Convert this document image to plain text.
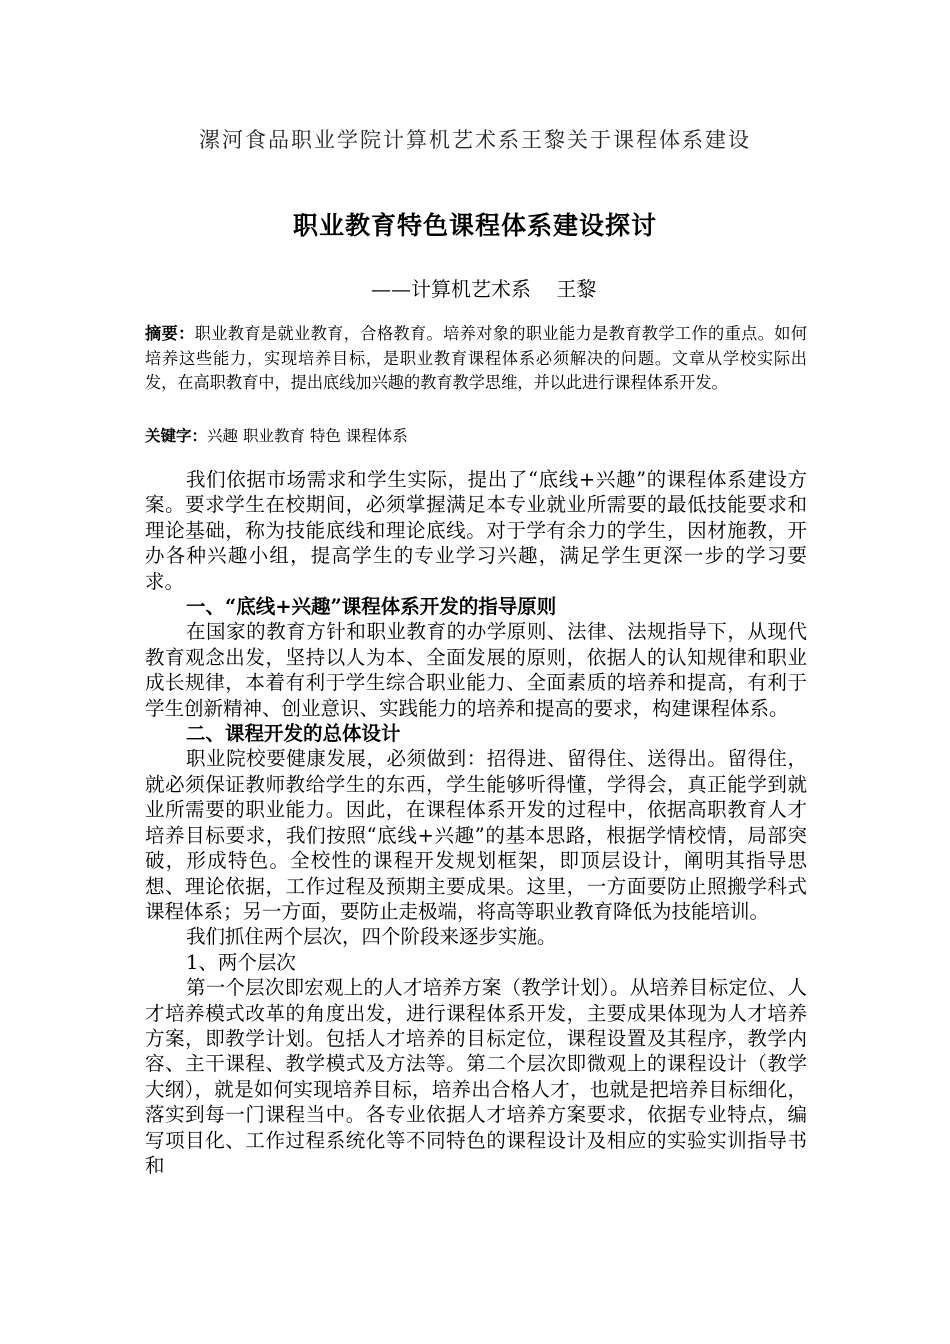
漯河食品职业学院计算机艺术系王黎关于课程体系建设
职业教育特色课程体系建设探讨
——计算机艺术系    王黎
摘要：职业教育是就业教育，合格教育。培养对象的职业能力是教育教学工作的重点。如何培养这些能力，实现培养目标，是职业教育课程体系必须解决的问题。文章从学校实际出发，在高职教育中，提出底线加兴趣的教育教学思维，并以此进行课程体系开发。
关键字：兴趣 职业教育 特色 课程体系

我们依据市场需求和学生实际，提出了“底线+兴趣”的课程体系建设方案。要求学生在校期间，必须掌握满足本专业就业所需要的最低技能要求和理论基础，称为技能底线和理论底线。对于学有余力的学生，因材施教，开办各种兴趣小组，提高学生的专业学习兴趣，满足学生更深一步的学习要求。

一、“底线+兴趣”课程体系开发的指导原则

在国家的教育方针和职业教育的办学原则、法律、法规指导下，从现代教育观念出发，坚持以人为本、全面发展的原则，依据人的认知规律和职业成长规律，本着有利于学生综合职业能力、全面素质的培养和提高，有利于学生创新精神、创业意识、实践能力的培养和提高的要求，构建课程体系。

二、课程开发的总体设计

职业院校要健康发展，必须做到：招得进、留得住、送得出。留得住，就必须保证教师教给学生的东西，学生能够听得懂，学得会，真正能学到就业所需要的职业能力。因此，在课程体系开发的过程中，依据高职教育人才培养目标要求，我们按照“底线+兴趣”的基本思路，根据学情校情，局部突破，形成特色。全校性的课程开发规划框架，即顶层设计，阐明其指导思想、理论依据，工作过程及预期主要成果。这里，一方面要防止照搬学科式课程体系；另一方面，要防止走极端，将高等职业教育降低为技能培训。

我们抓住两个层次，四个阶段来逐步实施。

1、两个层次

第一个层次即宏观上的人才培养方案（教学计划）。从培养目标定位、人才培养模式改革的角度出发，进行课程体系开发，主要成果体现为人才培养方案，即教学计划。包括人才培养的目标定位，课程设置及其程序，教学内容、主干课程、教学模式及方法等。第二个层次即微观上的课程设计（教学大纲），就是如何实现培养目标，培养出合格人才，也就是把培养目标细化，落实到每一门课程当中。各专业依据人才培养方案要求，依据专业特点，编写项目化、工作过程系统化等不同特色的课程设计及相应的实验实训指导书和
